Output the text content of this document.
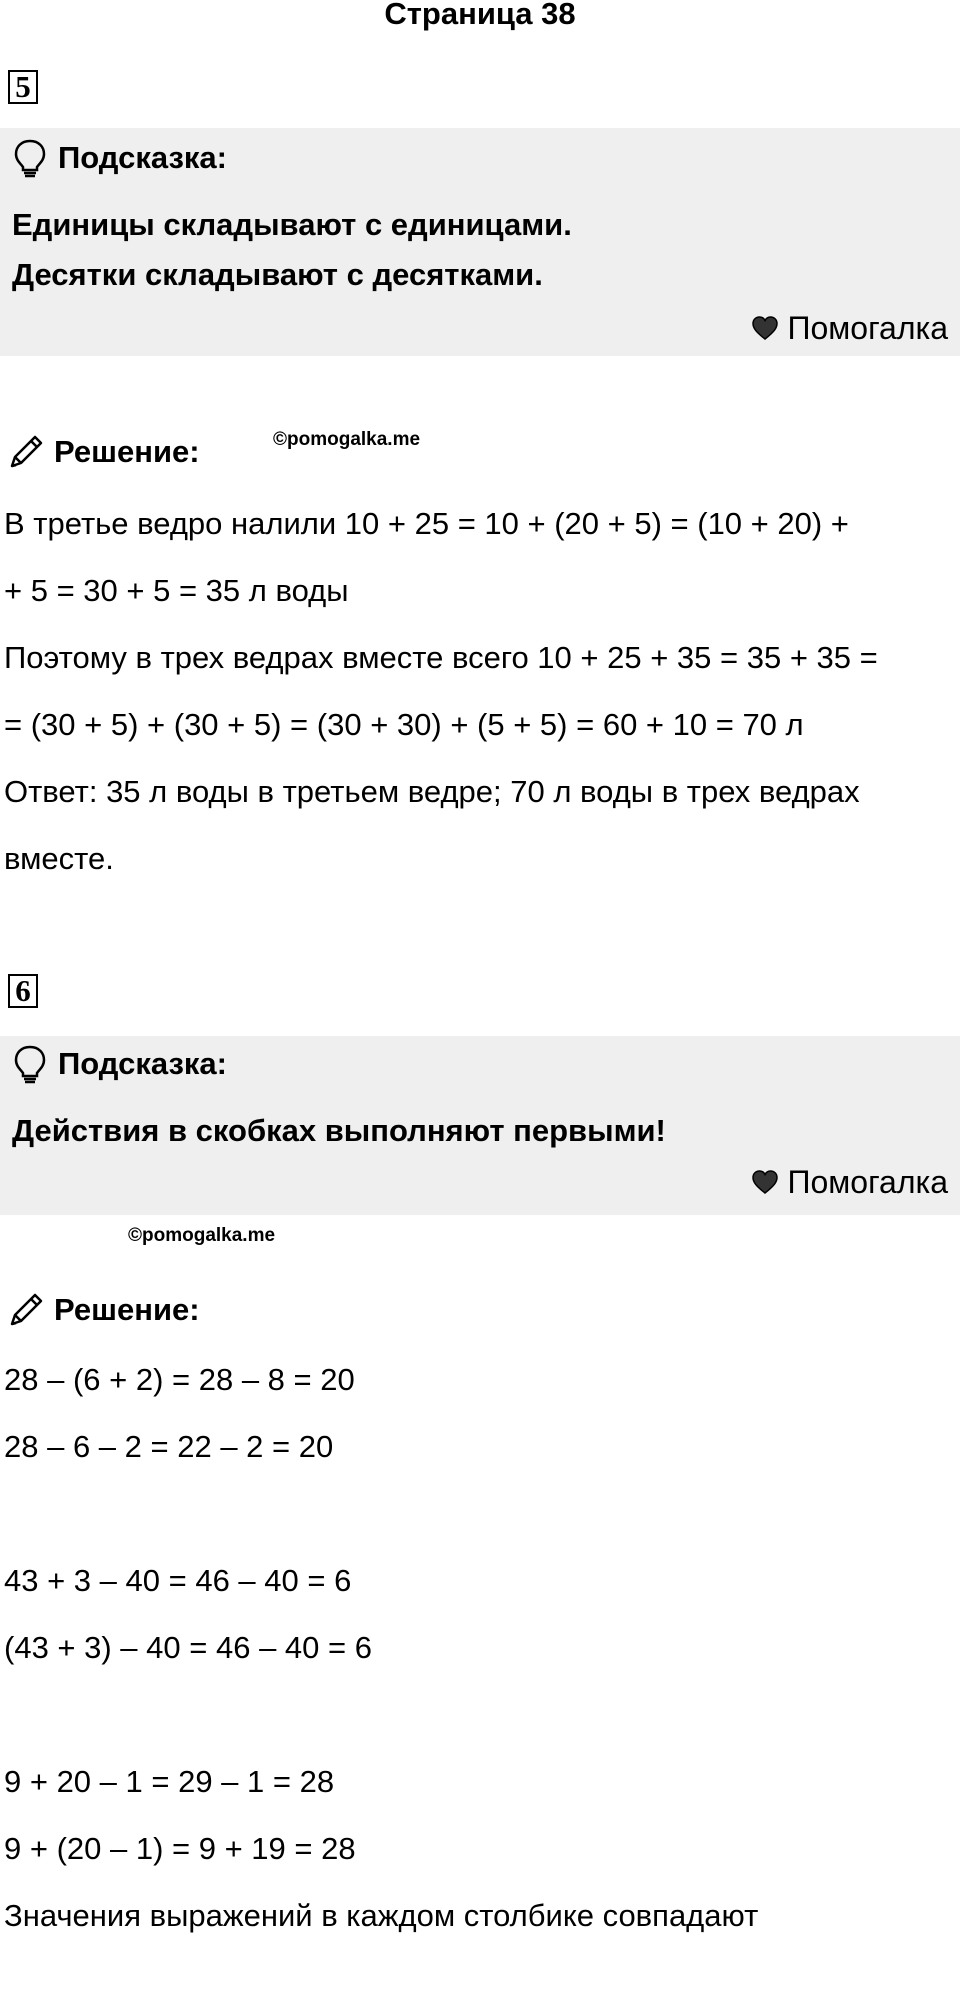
Страница 38
5
Подсказка:
Единицы складывают с единицами.
Десятки складывают с десятками.
Помогалка
Решение:	©pomogalka.me
В третье ведро налили 10 + 25 = 10 + (20 + 5) = (10 + 20) +
+ 5 = 30 + 5 = 35 л воды
Поэтому в трех ведрах вместе всего 10 + 25 + 35 = 35 + 35 =
= (30 + 5) + (30 + 5) = (30 + 30) + (5 + 5) = 60 + 10 = 70 л
Ответ: 35 л воды в третьем ведре; 70 л воды в трех ведрах
вместе.
6
Подсказка:
Действия в скобках выполняют первыми!
Помогалка
©pomogalka.me
Решение:
28 – (6 + 2) = 28 – 8 = 20
28 – 6 – 2 = 22 – 2 = 20
43 + 3 – 40 = 46 – 40 = 6
(43 + 3) – 40 = 46 – 40 = 6
9 + 20 – 1 = 29 – 1 = 28
9 + (20 – 1) = 9 + 19 = 28
Значения выражений в каждом столбике совпадают
